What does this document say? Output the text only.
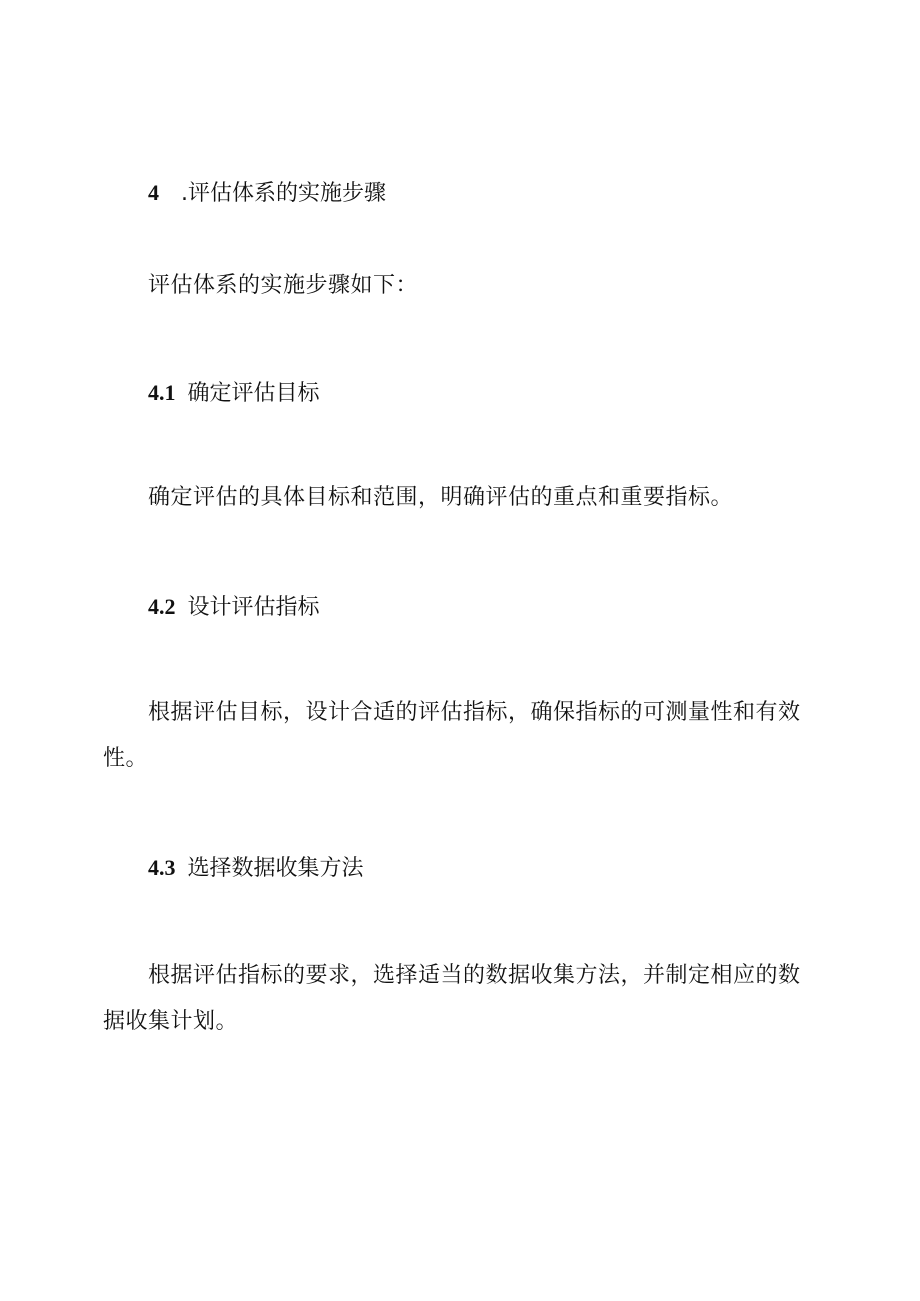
4 .评估体系的实施步骤
评估体系的实施步骤如下：
4.1 确定评估目标
确定评估的具体目标和范围，明确评估的重点和重要指标。
4.2 设计评估指标
根据评估目标，设计合适的评估指标，确保指标的可测量性和有效
性。
4.3 选择数据收集方法
根据评估指标的要求，选择适当的数据收集方法，并制定相应的数
据收集计划。
